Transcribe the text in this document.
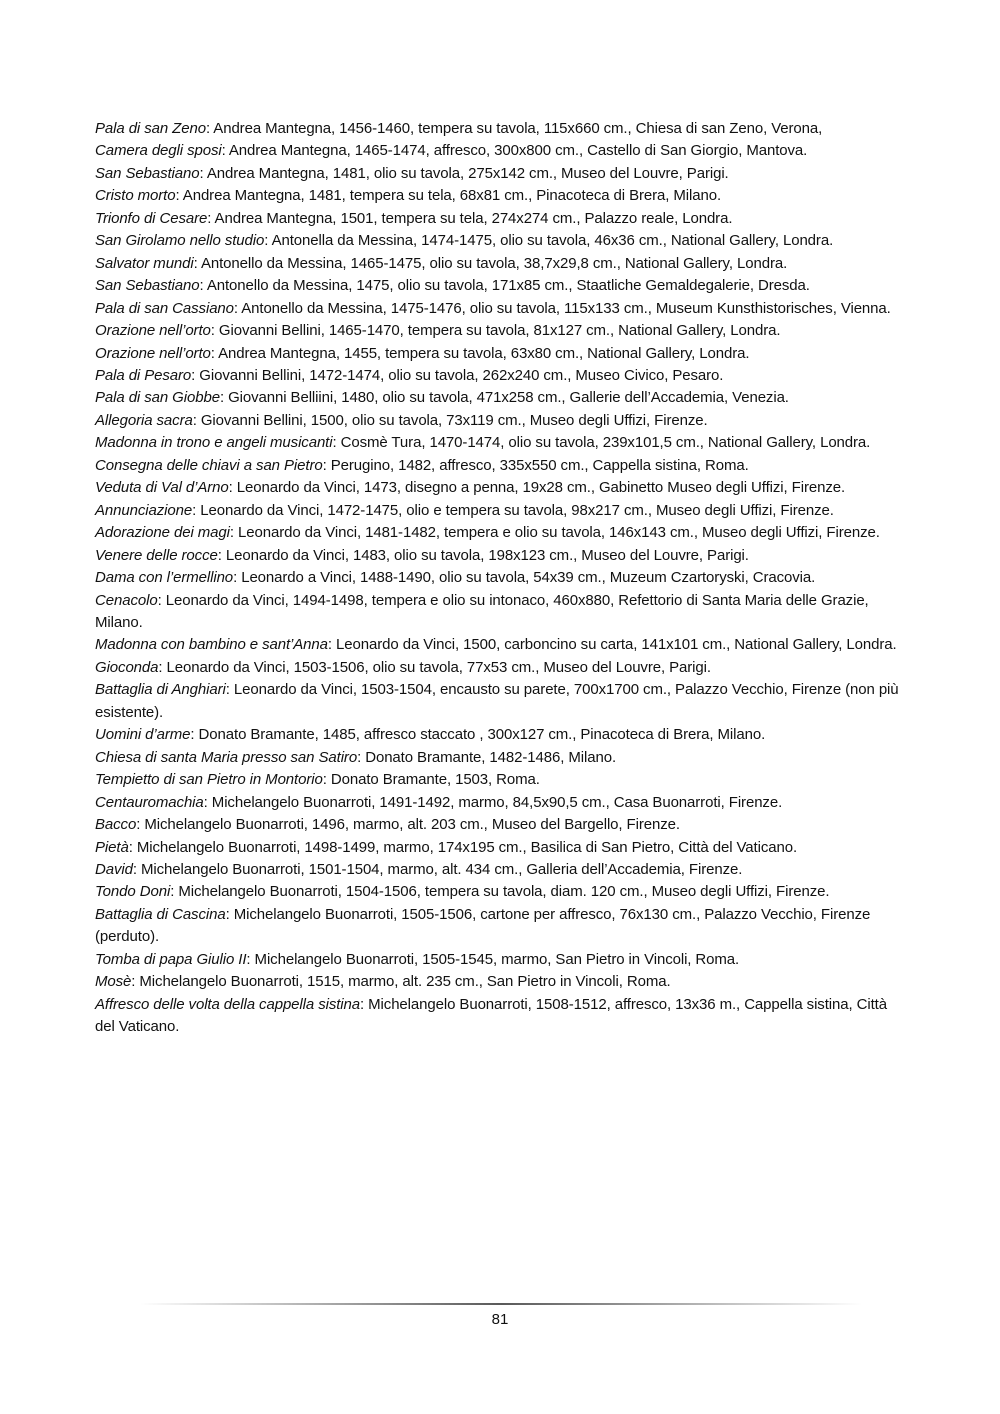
Pala di san Zeno: Andrea Mantegna, 1456-1460, tempera su tavola, 115x660 cm., Chiesa di san Zeno, Verona,

Camera degli sposi: Andrea Mantegna, 1465-1474, affresco, 300x800 cm., Castello di San Giorgio, Mantova.

San Sebastiano: Andrea Mantegna, 1481, olio su tavola, 275x142 cm., Museo del Louvre, Parigi.

Cristo morto: Andrea Mantegna, 1481, tempera su tela, 68x81 cm., Pinacoteca di Brera, Milano.

Trionfo di Cesare: Andrea Mantegna, 1501, tempera su tela, 274x274 cm., Palazzo reale, Londra.

San Girolamo nello studio: Antonella da Messina, 1474-1475, olio su tavola, 46x36 cm., National Gallery, Londra.

Salvator mundi: Antonello da Messina, 1465-1475, olio su tavola, 38,7x29,8 cm., National Gallery, Londra.

San Sebastiano: Antonello da Messina, 1475, olio su tavola, 171x85 cm., Staatliche Gemaldegalerie, Dresda.

Pala di san Cassiano: Antonello da Messina, 1475-1476, olio su tavola, 115x133 cm., Museum Kunsthistorisches, Vienna.

Orazione nell’orto: Giovanni Bellini, 1465-1470, tempera su tavola, 81x127 cm., National Gallery, Londra.

Orazione nell’orto: Andrea Mantegna, 1455, tempera su tavola, 63x80 cm., National Gallery, Londra.

Pala di Pesaro: Giovanni Bellini, 1472-1474, olio su tavola, 262x240 cm., Museo Civico, Pesaro.

Pala di san Giobbe: Giovanni Belliini, 1480, olio su tavola, 471x258 cm., Gallerie dell’Accademia, Venezia.

Allegoria sacra: Giovanni Bellini, 1500, olio su tavola, 73x119 cm., Museo degli Uffizi, Firenze.

Madonna in trono e angeli musicanti: Cosmè Tura, 1470-1474, olio su tavola, 239x101,5 cm., National Gallery, Londra.

Consegna delle chiavi a san Pietro: Perugino, 1482, affresco, 335x550 cm., Cappella sistina, Roma.

Veduta di Val d’Arno: Leonardo da Vinci, 1473, disegno a penna, 19x28 cm., Gabinetto Museo degli Uffizi, Firenze.

Annunciazione: Leonardo da Vinci, 1472-1475, olio e tempera su tavola, 98x217 cm., Museo degli Uffizi, Firenze.

Adorazione dei magi: Leonardo da Vinci, 1481-1482, tempera e olio su tavola, 146x143 cm., Museo degli Uffizi, Firenze.

Venere delle rocce: Leonardo da Vinci, 1483, olio su tavola, 198x123 cm., Museo del Louvre, Parigi.

Dama con l’ermellino: Leonardo a Vinci, 1488-1490, olio su tavola, 54x39 cm., Muzeum Czartoryski, Cracovia.

Cenacolo: Leonardo da Vinci, 1494-1498, tempera e olio su intonaco, 460x880, Refettorio di Santa Maria delle Grazie, Milano.

Madonna con bambino e sant’Anna: Leonardo da Vinci, 1500, carboncino su carta, 141x101 cm., National Gallery, Londra.

Gioconda: Leonardo da Vinci, 1503-1506, olio su tavola, 77x53 cm., Museo del Louvre, Parigi.

Battaglia di Anghiari: Leonardo da Vinci, 1503-1504, encausto su parete, 700x1700 cm., Palazzo Vecchio, Firenze (non più esistente).

Uomini d’arme: Donato Bramante, 1485, affresco staccato , 300x127 cm., Pinacoteca di Brera, Milano.

Chiesa di santa Maria presso san Satiro: Donato Bramante, 1482-1486, Milano.

Tempietto di san Pietro in Montorio: Donato Bramante, 1503, Roma.

Centauromachia: Michelangelo Buonarroti, 1491-1492, marmo, 84,5x90,5 cm., Casa Buonarroti, Firenze.

Bacco: Michelangelo Buonarroti, 1496, marmo, alt. 203 cm., Museo del Bargello, Firenze.

Pietà: Michelangelo Buonarroti, 1498-1499, marmo, 174x195 cm., Basilica di San Pietro, Città del Vaticano.

David: Michelangelo Buonarroti, 1501-1504, marmo, alt. 434 cm., Galleria dell’Accademia, Firenze.

Tondo Doni: Michelangelo Buonarroti, 1504-1506, tempera su tavola, diam. 120 cm., Museo degli Uffizi, Firenze.

Battaglia di Cascina: Michelangelo Buonarroti, 1505-1506, cartone per affresco, 76x130 cm., Palazzo Vecchio, Firenze (perduto).

Tomba di papa Giulio II: Michelangelo Buonarroti, 1505-1545, marmo, San Pietro in Vincoli, Roma.

Mosè: Michelangelo Buonarroti, 1515, marmo, alt. 235 cm., San Pietro in Vincoli, Roma.

Affresco delle volta della cappella sistina: Michelangelo Buonarroti, 1508-1512, affresco, 13x36 m., Cappella sistina, Città del Vaticano.

81
